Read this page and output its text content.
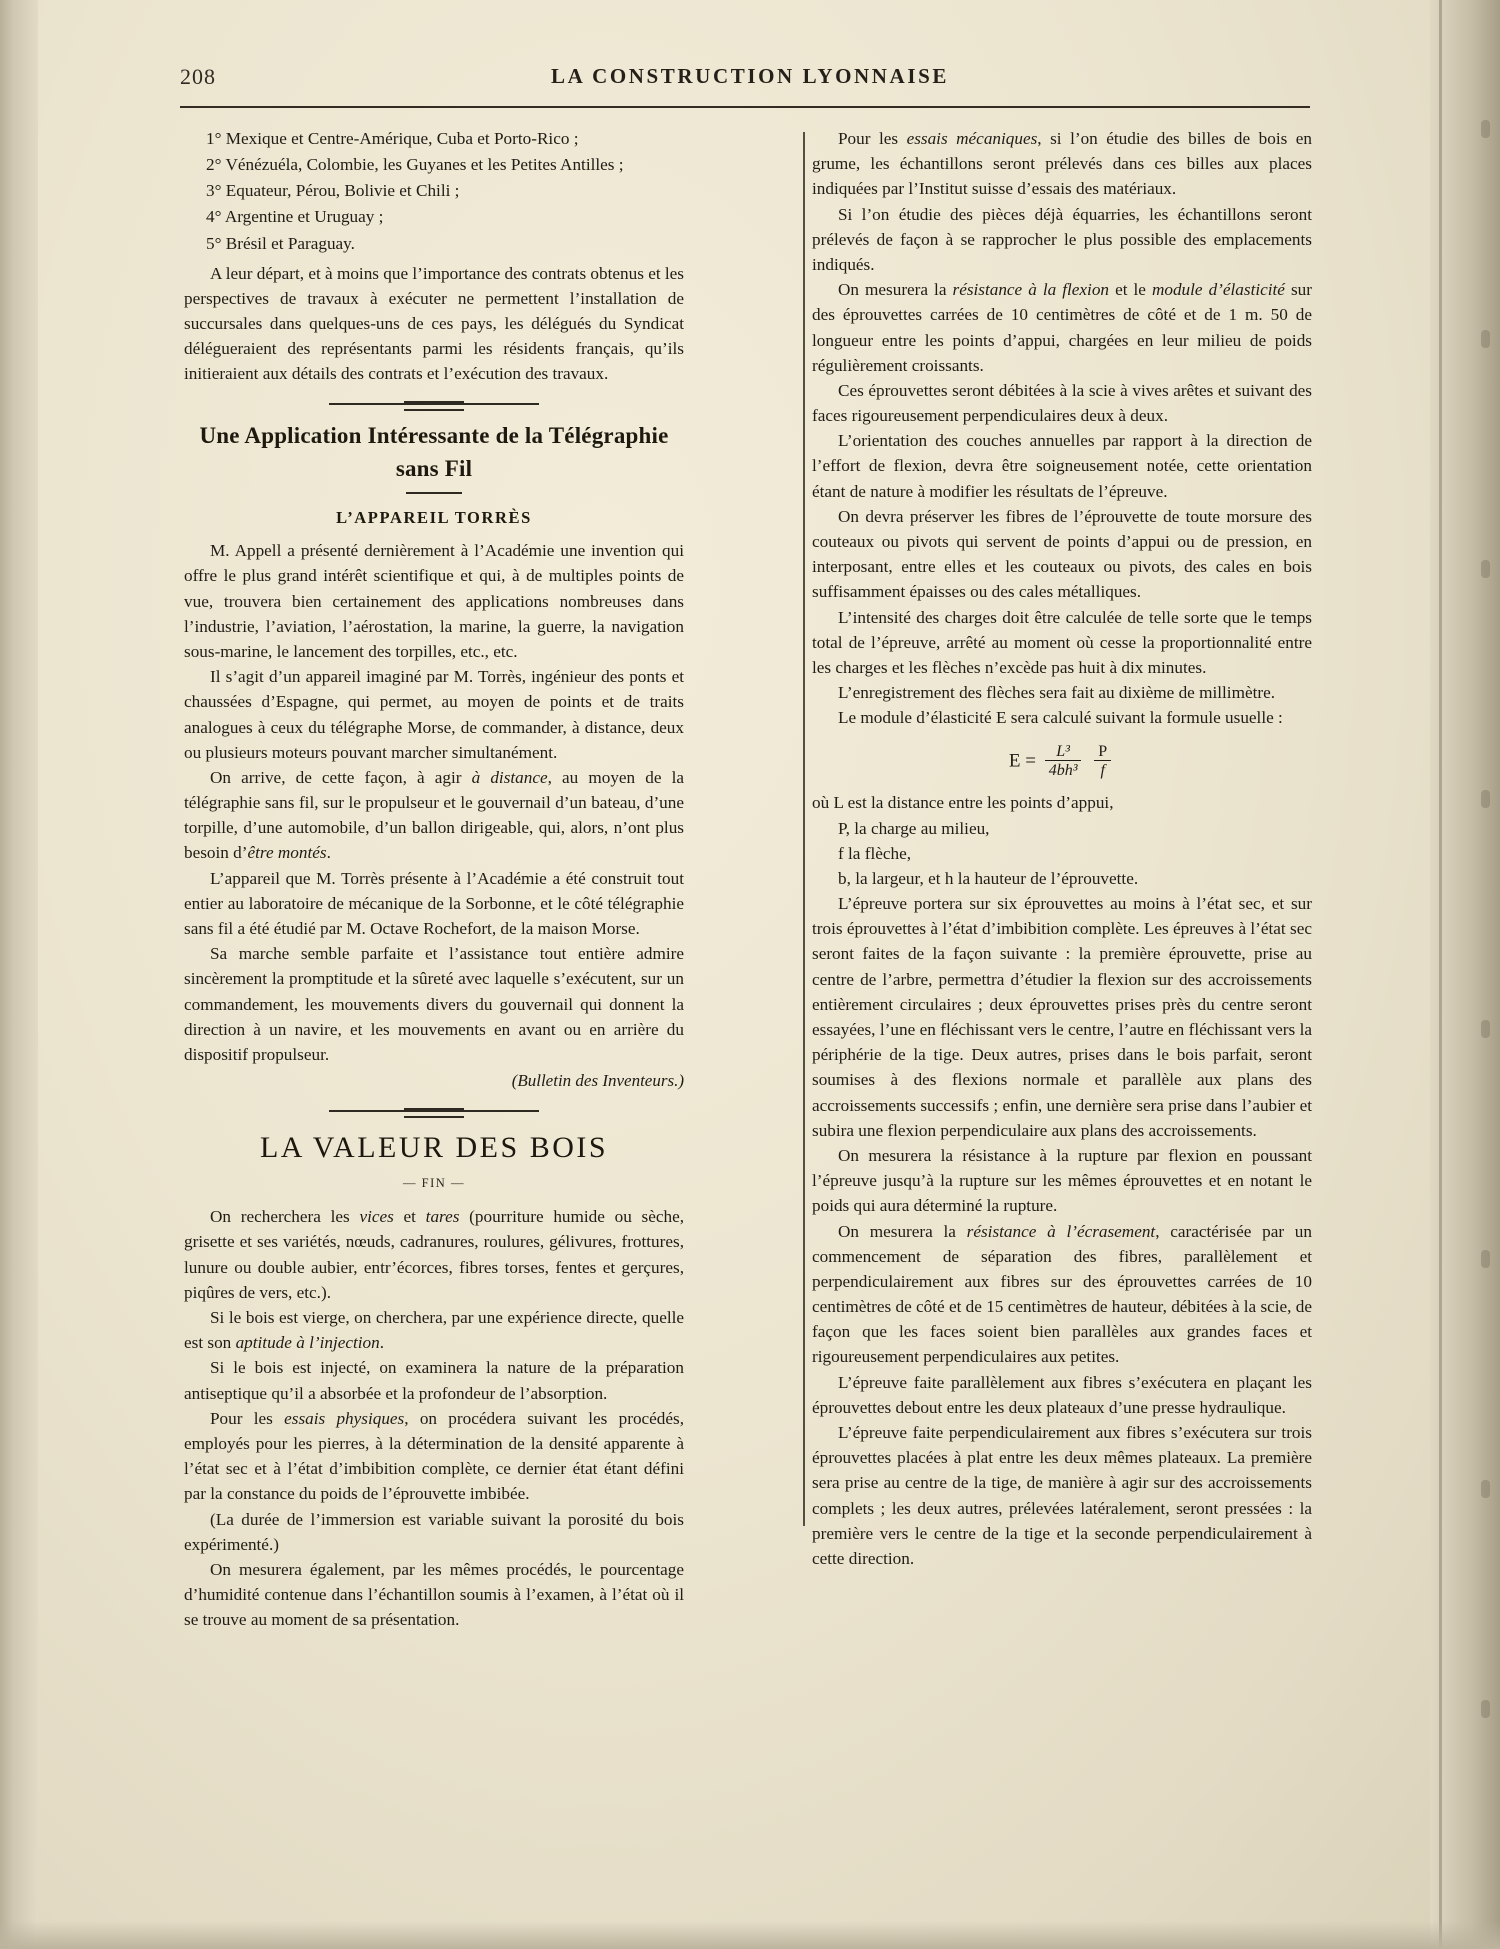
208	LA CONSTRUCTION LYONNAISE
1° Mexique et Centre-Amérique, Cuba et Porto-Rico ;
2° Vénézuéla, Colombie, les Guyanes et les Petites Antilles ;
3° Equateur, Pérou, Bolivie et Chili ;
4° Argentine et Uruguay ;
5° Brésil et Paraguay.

A leur départ, et à moins que l’importance des contrats obtenus et les perspectives de travaux à exécuter ne permettent l’installation de succursales dans quelques-uns de ces pays, les délégués du Syndicat délégueraient des représentants parmi les résidents français, qu’ils initieraient aux détails des contrats et l’exécution des travaux.

Une Application Intéressante de la Télégraphie sans Fil
L’APPAREIL TORRÈS

M. Appell a présenté dernièrement à l’Académie une invention qui offre le plus grand intérêt scientifique et qui, à de multiples points de vue, trouvera bien certainement des applications nombreuses dans l’industrie, l’aviation, l’aérostation, la marine, la guerre, la navigation sous-marine, le lancement des torpilles, etc., etc.

Il s’agit d’un appareil imaginé par M. Torrès, ingénieur des ponts et chaussées d’Espagne, qui permet, au moyen de points et de traits analogues à ceux du télégraphe Morse, de commander, à distance, deux ou plusieurs moteurs pouvant marcher simultanément.

On arrive, de cette façon, à agir à distance, au moyen de la télégraphie sans fil, sur le propulseur et le gouvernail d’un bateau, d’une torpille, d’une automobile, d’un ballon dirigeable, qui, alors, n’ont plus besoin d’être montés.

L’appareil que M. Torrès présente à l’Académie a été construit tout entier au laboratoire de mécanique de la Sorbonne, et le côté télégraphie sans fil a été étudié par M. Octave Rochefort, de la maison Morse.

Sa marche semble parfaite et l’assistance tout entière admire sincèrement la promptitude et la sûreté avec laquelle s’exécutent, sur un commandement, les mouvements divers du gouvernail qui donnent la direction à un navire, et les mouvements en avant ou en arrière du dispositif propulseur.

(Bulletin des Inventeurs.)

LA VALEUR DES BOIS
— FIN —

On recherchera les vices et tares (pourriture humide ou sèche, grisette et ses variétés, nœuds, cadranures, roulures, gélivures, frottures, lunure ou double aubier, entr’écorces, fibres torses, fentes et gerçures, piqûres de vers, etc.).

Si le bois est vierge, on cherchera, par une expérience directe, quelle est son aptitude à l’injection.

Si le bois est injecté, on examinera la nature de la préparation antiseptique qu’il a absorbée et la profondeur de l’absorption.

Pour les essais physiques, on procédera suivant les procédés, employés pour les pierres, à la détermination de la densité apparente à l’état sec et à l’état d’imbibition complète, ce dernier état étant défini par la constance du poids de l’éprouvette imbibée.

(La durée de l’immersion est variable suivant la porosité du bois expérimenté.)

On mesurera également, par les mêmes procédés, le pourcentage d’humidité contenue dans l’échantillon soumis à l’examen, à l’état où il se trouve au moment de sa présentation.

Pour les essais mécaniques, si l’on étudie des billes de bois en grume, les échantillons seront prélevés dans ces billes aux places indiquées par l’Institut suisse d’essais des matériaux.

Si l’on étudie des pièces déjà équarries, les échantillons seront prélevés de façon à se rapprocher le plus possible des emplacements indiqués.

On mesurera la résistance à la flexion et le module d’élasticité sur des éprouvettes carrées de 10 centimètres de côté et de 1 m. 50 de longueur entre les points d’appui, chargées en leur milieu de poids régulièrement croissants.

Ces éprouvettes seront débitées à la scie à vives arêtes et suivant des faces rigoureusement perpendiculaires deux à deux.

L’orientation des couches annuelles par rapport à la direction de l’effort de flexion, devra être soigneusement notée, cette orientation étant de nature à modifier les résultats de l’épreuve.

On devra préserver les fibres de l’éprouvette de toute morsure des couteaux ou pivots qui servent de points d’appui ou de pression, en interposant, entre elles et les couteaux ou pivots, des cales en bois suffisamment épaisses ou des cales métalliques.

L’intensité des charges doit être calculée de telle sorte que le temps total de l’épreuve, arrêté au moment où cesse la proportionnalité entre les charges et les flèches n’excède pas huit à dix minutes.

L’enregistrement des flèches sera fait au dixième de millimètre.

Le module d’élasticité E sera calculé suivant la formule usuelle :

$E = \frac{\text{L³}}{\text{4bh³}}$
$\frac{P}{f}$

où L est la distance entre les points d’appui,

P, la charge au milieu,

f la flèche,

b, la largeur, et h la hauteur de l’éprouvette.

L’épreuve portera sur six éprouvettes au moins à l’état sec, et sur trois éprouvettes à l’état d’imbibition complète. Les épreuves à l’état sec seront faites de la façon suivante : la première éprouvette, prise au centre de l’arbre, permettra d’étudier la flexion sur des accroissements entièrement circulaires ; deux éprouvettes prises près du centre seront essayées, l’une en fléchissant vers le centre, l’autre en fléchissant vers la périphérie de la tige. Deux autres, prises dans le bois parfait, seront soumises à des flexions normale et parallèle aux plans des accroissements successifs ; enfin, une dernière sera prise dans l’aubier et subira une flexion perpendiculaire aux plans des accroissements.

On mesurera la résistance à la rupture par flexion en poussant l’épreuve jusqu’à la rupture sur les mêmes éprouvettes et en notant le poids qui aura déterminé la rupture.

On mesurera la résistance à l’écrasement, caractérisée par un commencement de séparation des fibres, parallèlement et perpendiculairement aux fibres sur des éprouvettes carrées de 10 centimètres de côté et de 15 centimètres de hauteur, débitées à la scie, de façon que les faces soient bien parallèles aux grandes faces et rigoureusement perpendiculaires aux petites.

L’épreuve faite parallèlement aux fibres s’exécutera en plaçant les éprouvettes debout entre les deux plateaux d’une presse hydraulique.

L’épreuve faite perpendiculairement aux fibres s’exécutera sur trois éprouvettes placées à plat entre les deux mêmes plateaux. La première sera prise au centre de la tige, de manière à agir sur des accroissements complets ; les deux autres, prélevées latéralement, seront pressées : la première vers le centre de la tige et la seconde perpendiculairement à cette direction.
